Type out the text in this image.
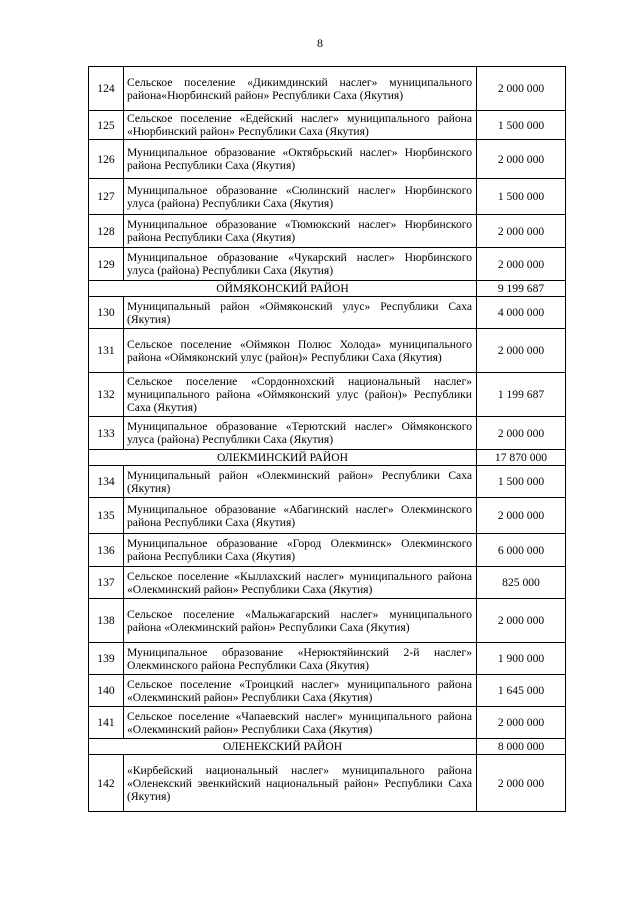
8
124	Сельское поселение «Дикимдинский наслег» муниципального района«Нюрбинский район» Республики Саха (Якутия)	2 000 000
125	Сельское поселение «Едейский наслег» муниципального района «Нюрбинский район» Республики Саха (Якутия)	1 500 000
126	Муниципальное образование «Октябрьский наслег» Нюрбинского района Республики Саха (Якутия)	2 000 000
127	Муниципальное образование «Сюлинский наслег» Нюрбинского улуса (района) Республики Саха (Якутия)	1 500 000
128	Муниципальное образование «Тюмюкский наслег» Нюрбинского района Республики Саха (Якутия)	2 000 000
129	Муниципальное образование «Чукарский наслег» Нюрбинского улуса (района) Республики Саха (Якутия)	2 000 000
ОЙМЯКОНСКИЙ РАЙОН		9 199 687
130	Муниципальный район «Оймяконский улус» Республики Саха (Якутия)	4 000 000
131	Сельское поселение «Оймякон Полюс Холода» муниципального района «Оймяконский улус (район)» Республики Саха (Якутия)	2 000 000
132	Сельское поселение «Сордоннохский национальный наслег» муниципального района «Оймяконский улус (район)» Республики Саха (Якутия)	1 199 687
133	Муниципальное образование «Терютский наслег» Оймяконского улуса (района) Республики Саха (Якутия)	2 000 000
ОЛЕКМИНСКИЙ РАЙОН		17 870 000
134	Муниципальный район «Олекминский район» Республики Саха (Якутия)	1 500 000
135	Муниципальное образование «Абагинский наслег» Олекминского района Республики Саха (Якутия)	2 000 000
136	Муниципальное образование «Город Олекминск» Олекминского района Республики Саха (Якутия)	6 000 000
137	Сельское поселение «Кыллахский наслег» муниципального района «Олекминский район» Республики Саха (Якутия)	825 000
138	Сельское поселение «Мальжагарский наслег» муниципального района «Олекминский район» Республики Саха (Якутия)	2 000 000
139	Муниципальное образование «Нерюктяйинский 2-й наслег» Олекминского района Республики Саха (Якутия)	1 900 000
140	Сельское поселение «Троицкий наслег» муниципального района «Олекминский район» Республики Саха (Якутия)	1 645 000
141	Сельское поселение «Чапаевский наслег» муниципального района «Олекминский район» Республики Саха (Якутия)	2 000 000
ОЛЕНЕКСКИЙ РАЙОН		8 000 000
142	«Кирбейский национальный наслег» муниципального района «Оленекский эвенкийский национальный район» Республики Саха (Якутия)	2 000 000
